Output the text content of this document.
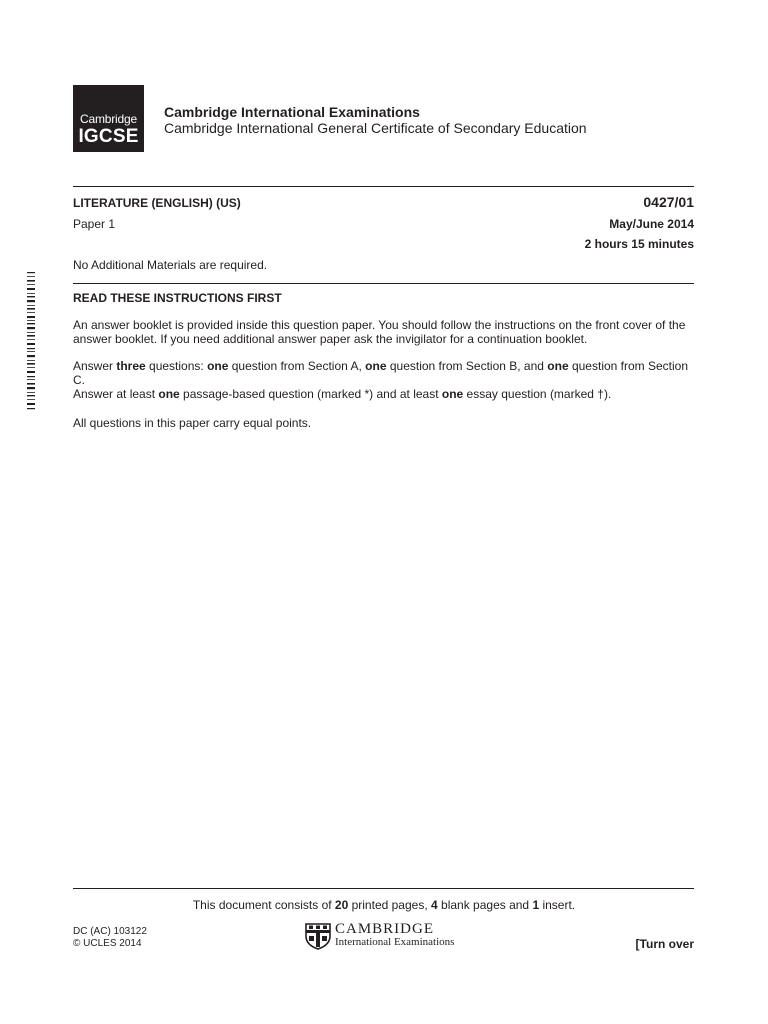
Cambridge
IGCSE
Cambridge International Examinations
Cambridge International General Certificate of Secondary Education
LITERATURE (ENGLISH) (US)	0427/01
Paper 1	May/June 2014
2 hours 15 minutes
No Additional Materials are required.
READ THESE INSTRUCTIONS FIRST
An answer booklet is provided inside this question paper. You should follow the instructions on the front cover of the answer booklet. If you need additional answer paper ask the invigilator for a continuation booklet.
Answer three questions: one question from Section A, one question from Section B, and one question from Section C.
Answer at least one passage-based question (marked *) and at least one essay question (marked †).
All questions in this paper carry equal points.
This document consists of 20 printed pages, 4 blank pages and 1 insert.
DC (AC) 103122
© UCLES 2014
CAMBRIDGE
International Examinations	[Turn over
